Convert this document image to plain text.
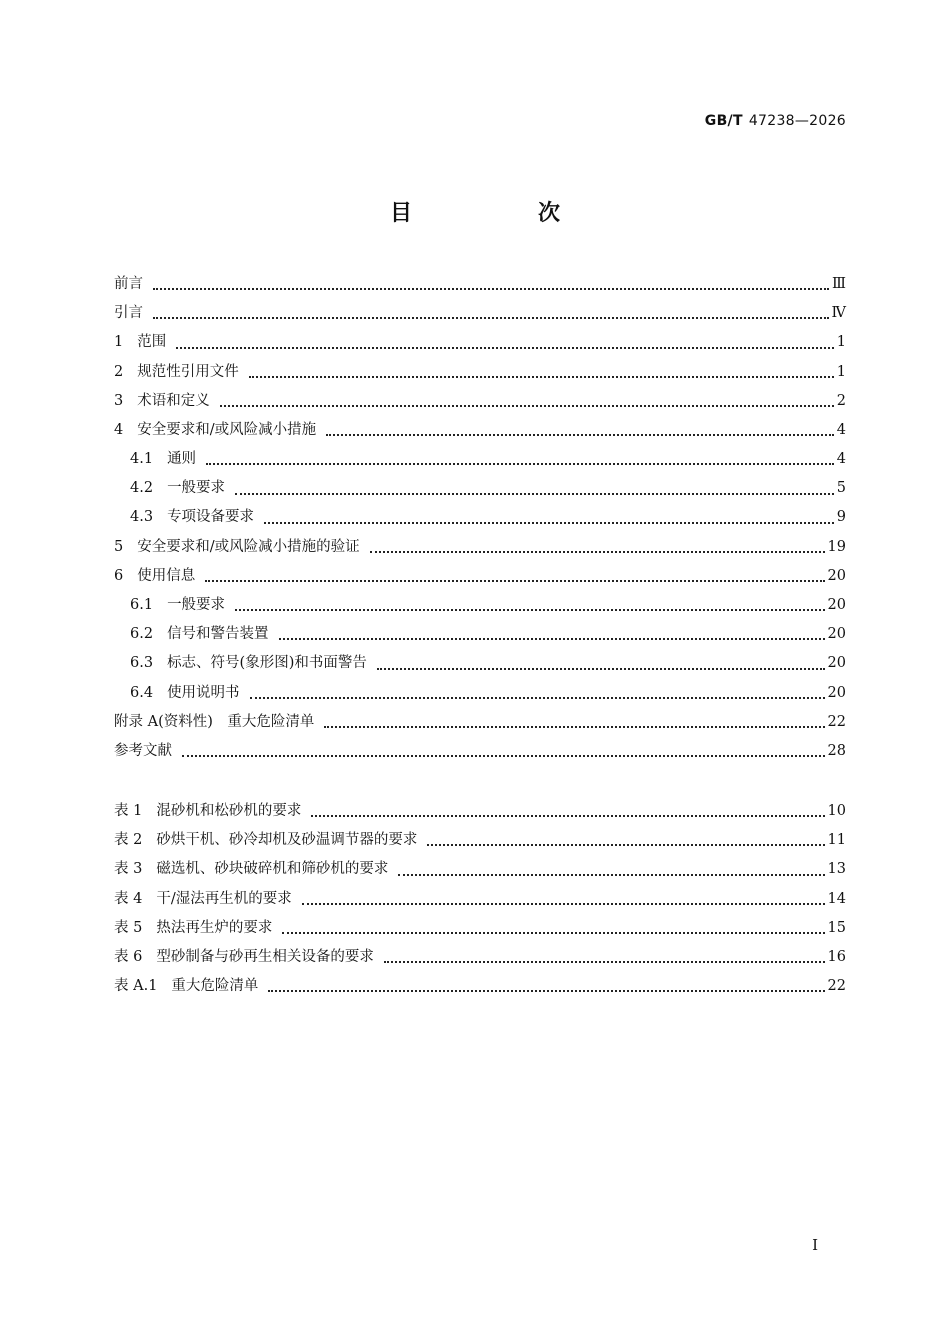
GB/T 47238—2026
目　次
前言	Ⅲ
引言	Ⅳ
1 范围	1
2 规范性引用文件	1
3 术语和定义	2
4 安全要求和/或风险减小措施	4
4.1 通则	4
4.2 一般要求	5
4.3 专项设备要求	9
5 安全要求和/或风险减小措施的验证	19
6 使用信息	20
6.1 一般要求	20
6.2 信号和警告装置	20
6.3 标志、符号(象形图)和书面警告	20
6.4 使用说明书	20
附录 A(资料性)　重大危险清单	22
参考文献	28
表 1 混砂机和松砂机的要求	10
表 2 砂烘干机、砂冷却机及砂温调节器的要求	11
表 3 磁选机、砂块破碎机和筛砂机的要求	13
表 4 干/湿法再生机的要求	14
表 5 热法再生炉的要求	15
表 6 型砂制备与砂再生相关设备的要求	16
表 A.1 重大危险清单	22
I
